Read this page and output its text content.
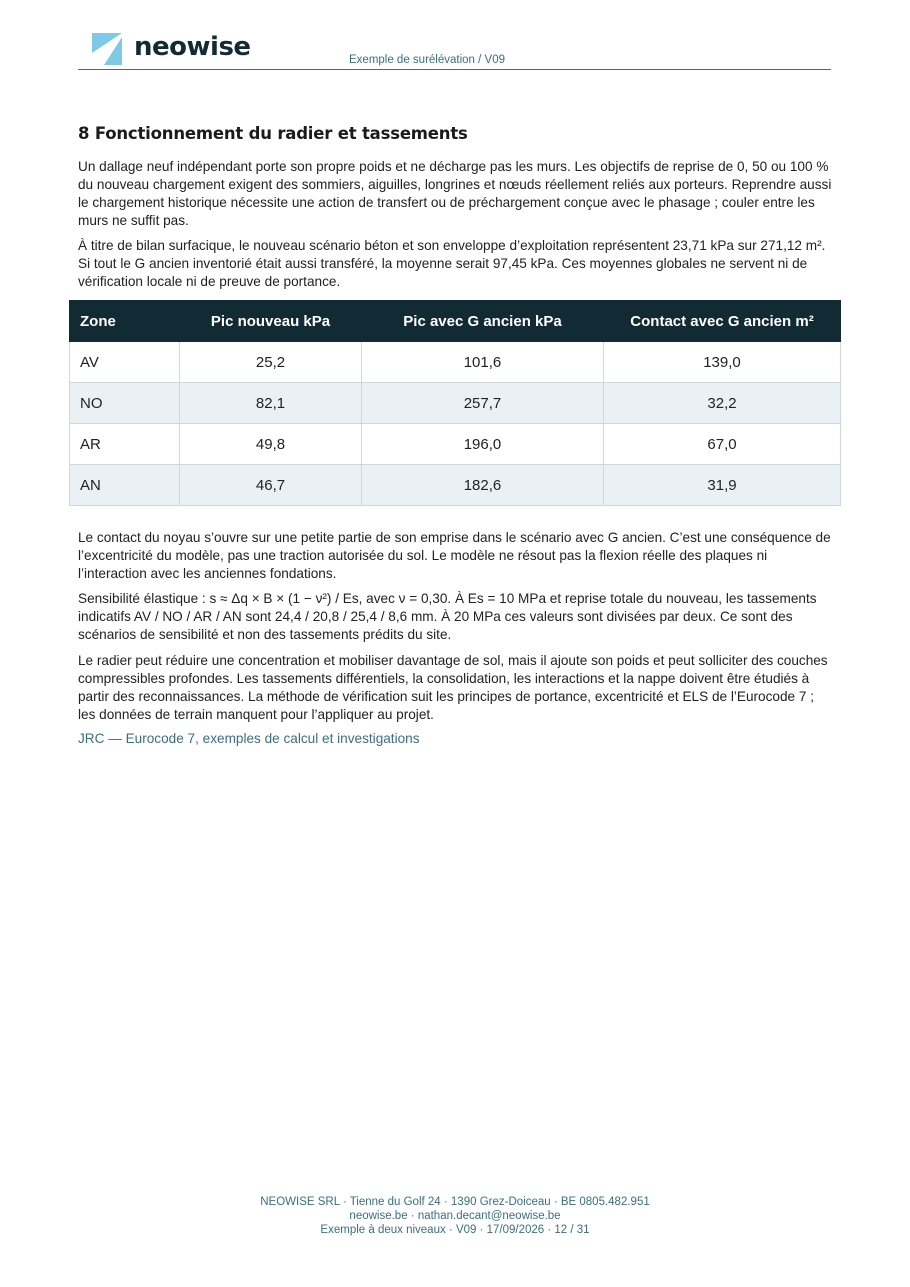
neowise	Exemple de surélévation / V09
8 Fonctionnement du radier et tassements

Un dallage neuf indépendant porte son propre poids et ne décharge pas les murs. Les objectifs de reprise de 0, 50 ou 100 % du nouveau chargement exigent des sommiers, aiguilles, longrines et nœuds réellement reliés aux porteurs. Reprendre aussi le chargement historique nécessite une action de transfert ou de préchargement conçue avec le phasage ; couler entre les murs ne suffit pas.

À titre de bilan surfacique, le nouveau scénario béton et son enveloppe d’exploitation représentent 23,71 kPa sur 271,12 m². Si tout le G ancien inventorié était aussi transféré, la moyenne serait 97,45 kPa. Ces moyennes globales ne servent ni de vérification locale ni de preuve de portance.

Zone	Pic nouveau kPa	Pic avec G ancien kPa	Contact avec G ancien m²
AV	25,2	101,6	139,0
NO	82,1	257,7	32,2
AR	49,8	196,0	67,0
AN	46,7	182,6	31,9

Le contact du noyau s’ouvre sur une petite partie de son emprise dans le scénario avec G ancien. C’est une conséquence de l’excentricité du modèle, pas une traction autorisée du sol. Le modèle ne résout pas la flexion réelle des plaques ni l’interaction avec les anciennes fondations.

Sensibilité élastique : s ≈ Δq × B × (1 − ν²) / Es, avec ν = 0,30. À Es = 10 MPa et reprise totale du nouveau, les tassements indicatifs AV / NO / AR / AN sont 24,4 / 20,8 / 25,4 / 8,6 mm. À 20 MPa ces valeurs sont divisées par deux. Ce sont des scénarios de sensibilité et non des tassements prédits du site.

Le radier peut réduire une concentration et mobiliser davantage de sol, mais il ajoute son poids et peut solliciter des couches compressibles profondes. Les tassements différentiels, la consolidation, les interactions et la nappe doivent être étudiés à partir des reconnaissances. La méthode de vérification suit les principes de portance, excentricité et ELS de l’Eurocode 7 ; les données de terrain manquent pour l’appliquer au projet.

JRC — Eurocode 7, exemples de calcul et investigations
NEOWISE SRL · Tienne du Golf 24 · 1390 Grez-Doiceau · BE 0805.482.951
neowise.be · nathan.decant@neowise.be
Exemple à deux niveaux · V09 · 17/09/2026 · 12 / 31
